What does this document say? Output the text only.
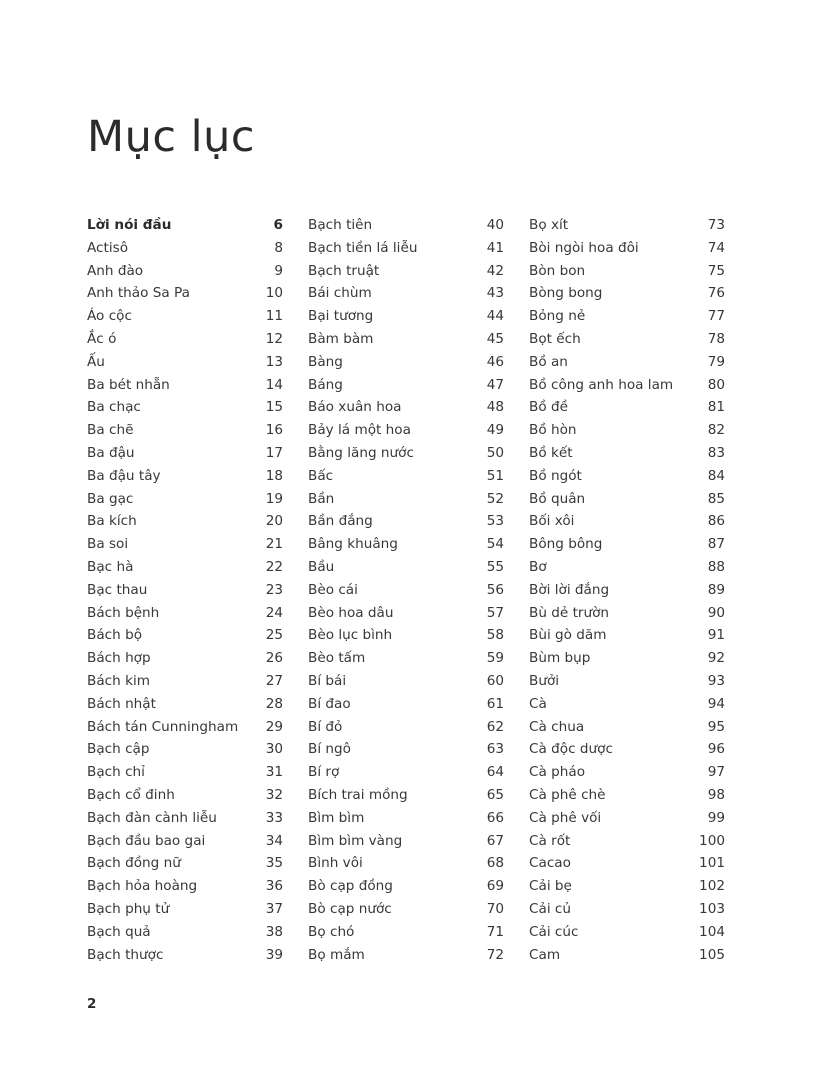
Mục lục
Lời nói đầu	6
Actisô	8
Anh đào	9
Anh thảo Sa Pa	10
Áo cộc	11
Ắc ó	12
Ấu	13
Ba bét nhẵn	14
Ba chạc	15
Ba chẽ	16
Ba đậu	17
Ba đậu tây	18
Ba gạc	19
Ba kích	20
Ba soi	21
Bạc hà	22
Bạc thau	23
Bách bệnh	24
Bách bộ	25
Bách hợp	26
Bách kim	27
Bách nhật	28
Bách tán Cunningham 29
Bạch cập	30
Bạch chỉ	31
Bạch cổ đinh	32
Bạch đàn cành liễu	33
Bạch đầu bao gai	34
Bạch đồng nữ	35
Bạch hỏa hoàng	36
Bạch phụ tử	37
Bạch quả	38
Bạch thược	39
Bạch tiên	40
Bạch tiền lá liễu	41
Bạch truật	42
Bái chùm	43
Bại tương	44
Bàm bàm	45
Bàng	46
Báng	47
Báo xuân hoa	48
Bảy lá một hoa	49
Bằng lăng nước	50
Bấc	51
Bần	52
Bần đắng	53
Bâng khuâng	54
Bầu	55
Bèo cái	56
Bèo hoa dâu	57
Bèo lục bình	58
Bèo tấm	59
Bí bái	60
Bí đao	61
Bí đỏ	62
Bí ngô	63
Bí rợ	64
Bích trai mồng	65
Bìm bìm	66
Bìm bìm vàng	67
Bình vôi	68
Bò cạp đồng	69
Bò cạp nước	70
Bọ chó	71
Bọ mắm	72
Bọ xít	73
Bòi ngòi hoa đôi	74
Bòn bon	75
Bòng bong	76
Bỏng nẻ	77
Bọt ếch	78
Bồ an	79
Bồ công anh hoa lam	80
Bồ đề	81
Bồ hòn	82
Bồ kết	83
Bồ ngót	84
Bồ quân	85
Bối xôi	86
Bông bông	87
Bơ	88
Bời lời đắng	89
Bù dẻ trườn	90
Bùi gò dăm	91
Bùm bụp	92
Bưởi	93
Cà	94
Cà chua	95
Cà độc dược	96
Cà pháo	97
Cà phê chè	98
Cà phê vối	99
Cà rốt	100
Cacao	101
Cải bẹ	102
Cải củ	103
Cải cúc	104
Cam	105
2
